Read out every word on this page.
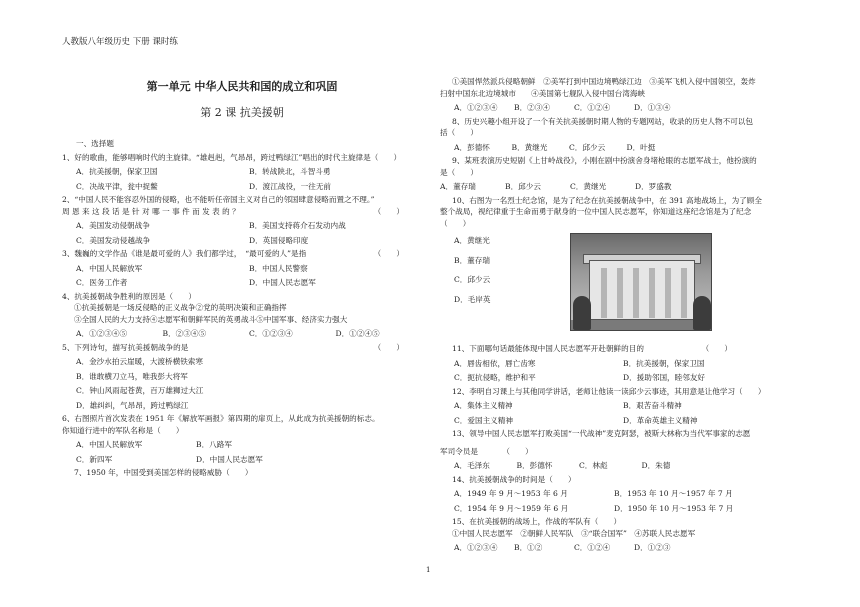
人教版八年级历史 下册 课时练
第一单元 中华人民共和国的成立和巩固
第 2 课 抗美援朝
一、选择题
1、好的歌曲，能够唱响时代的主旋律。“雄赳赳，气昂昂，跨过鸭绿江”唱出的时代主旋律是（　　）
A．抗美援朝，保家卫国	B．转战陕北，斗智斗勇
C．决战平津，瓮中捉鳖	D．渡江战役，一往无前
2、“中国人民不能容忍外国的侵略，也不能听任帝国主义对自己的邻国肆意侵略而置之不理。”
周 恩 来 这 段 话 是 针 对 哪 一 事 件 而 发 表 的 ？	（　　）
A．美国发动侵朝战争	B．美国支持蒋介石发动内战
C．美国发动侵越战争	D．英国侵略印度
3、魏巍的文学作品《谁是最可爱的人》我们都学过，　“最可爱的人”是指	（　　）
A．中国人民解放军	B．中国人民警察
C．医务工作者	D．中国人民志愿军
4、抗美援朝战争胜利的原因是（　　）
①抗美援朝是一场反侵略的正义战争②党的英明决策和正确指挥
③全国人民的大力支持④志愿军和朝鲜军民的英勇战斗⑤中国军事、经济实力强大
A．①②③④⑤	B．②③④⑤	C．①②③④	D．①②④⑤
5、下列诗句，描写抗美援朝战争的是	（　　）
A．金沙水拍云崖暖，大渡桥横铁索寒
B．谁敢横刀立马，唯我彭大将军
C．钟山风雨起苍黄，百万雄狮过大江
D．雄纠纠，气昂昂，跨过鸭绿江
6、右图照片首次发表在 1951 年《解放军画报》第四期的扉页上，从此成为抗美援朝的标志。
你知道行进中的军队名称是（　　）
A．中国人民解放军	B．八路军
C．新四军	D．中国人民志愿军
7、1950 年，中国受到美国怎样的侵略威胁（　　）
①美国悍然派兵侵略朝鲜　②美军打到中国边境鸭绿江边　③美军飞机入侵中国领空，轰炸
扫射中国东北边境城市　　④美国第七舰队入侵中国台湾海峡
A．①②③④	B．②③④	C．①②④	D．①③④
8、历史兴趣小组开设了一个有关抗美援朝时期人物的专题网站，收录的历史人物不可以包
括（　　）
A．彭德怀	B．黄继光	C．邱少云	D．叶挺
9、某班表演历史短剧《上甘岭战役》，小刚在剧中扮演舍身堵枪眼的志愿军战士，他扮演的
是（　　）
A．董存瑞	B．邱少云	C．黄继光	D．罗盛教
10、右图为一名烈士纪念馆，是为了纪念在抗美援朝战争中，在 391 高地战场上，为了顾全
整个战局，视纪律重于生命而勇于献身的一位中国人民志愿军，你知道这座纪念馆是为了纪念
（　　）
A．黄继光
B．董存瑞
C．邱少云
D．毛岸英
11、下面哪句话最能体现中国人民志愿军开赴朝鲜的目的	（　　）
A．唇齿相依，唇亡齿寒	B．抗美援朝，保家卫国
C．扼抗侵略，维护和平	D．援助邻国，睦邻友好
12、李明自习课上与其他同学讲话，老师让他读一读邱少云事迹，其用意是让他学习（　　）
A．集体主义精神	B．艰苦奋斗精神
C．爱国主义精神	D．革命英雄主义精神
13、领导中国人民志愿军打败美国“一代战神”麦克阿瑟，被斯大林称为当代军事家的志愿
军司令员是	（　　）
A．毛泽东	B．彭德怀	C．林彪	D．朱德
14、抗美援朝战争的时间是（　　）
A．1949 年 9 月～1953 年 6 月	B．1953 年 10 月～1957 年 7 月
C．1954 年 9 月～1959 年 6 月	D．1950 年 10 月～1953 年 7 月
15、在抗美援朝的战场上，作战的军队有（　　）
①中国人民志愿军　②朝鲜人民军队　③“联合国军”　④苏联人民志愿军
A．①②③④	B．①②	C．①②④	D．①②③
1
